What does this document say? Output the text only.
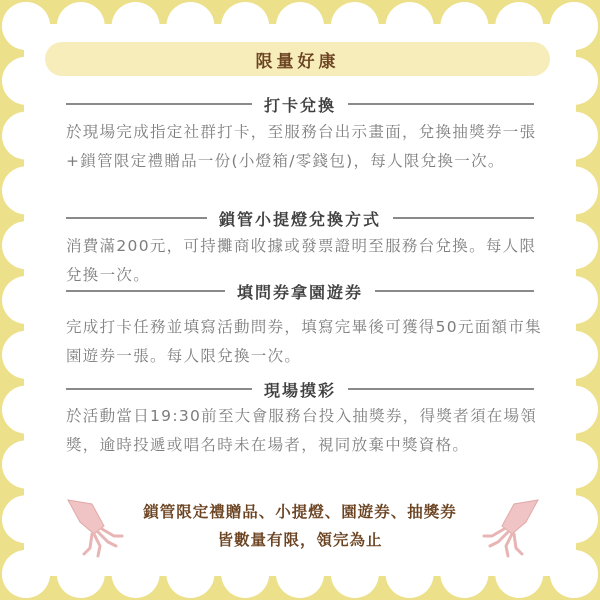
限量好康
打卡兌換

於現場完成指定社群打卡，至服務台出示畫面，兌換抽獎券一張+鎖管限定禮贈品一份(小燈箱/零錢包)，每人限兌換一次。

鎖管小提燈兌換方式

消費滿200元，可持攤商收據或發票證明至服務台兌換。每人限兌換一次。

填問券拿園遊券

完成打卡任務並填寫活動問券，填寫完畢後可獲得50元面額市集園遊券一張。每人限兌換一次。

現場摸彩

於活動當日19:30前至大會服務台投入抽獎券，得獎者須在場領獎，逾時投遞或唱名時未在場者，視同放棄中獎資格。

鎖管限定禮贈品、小提燈、園遊券、抽獎券
皆數量有限，領完為止
